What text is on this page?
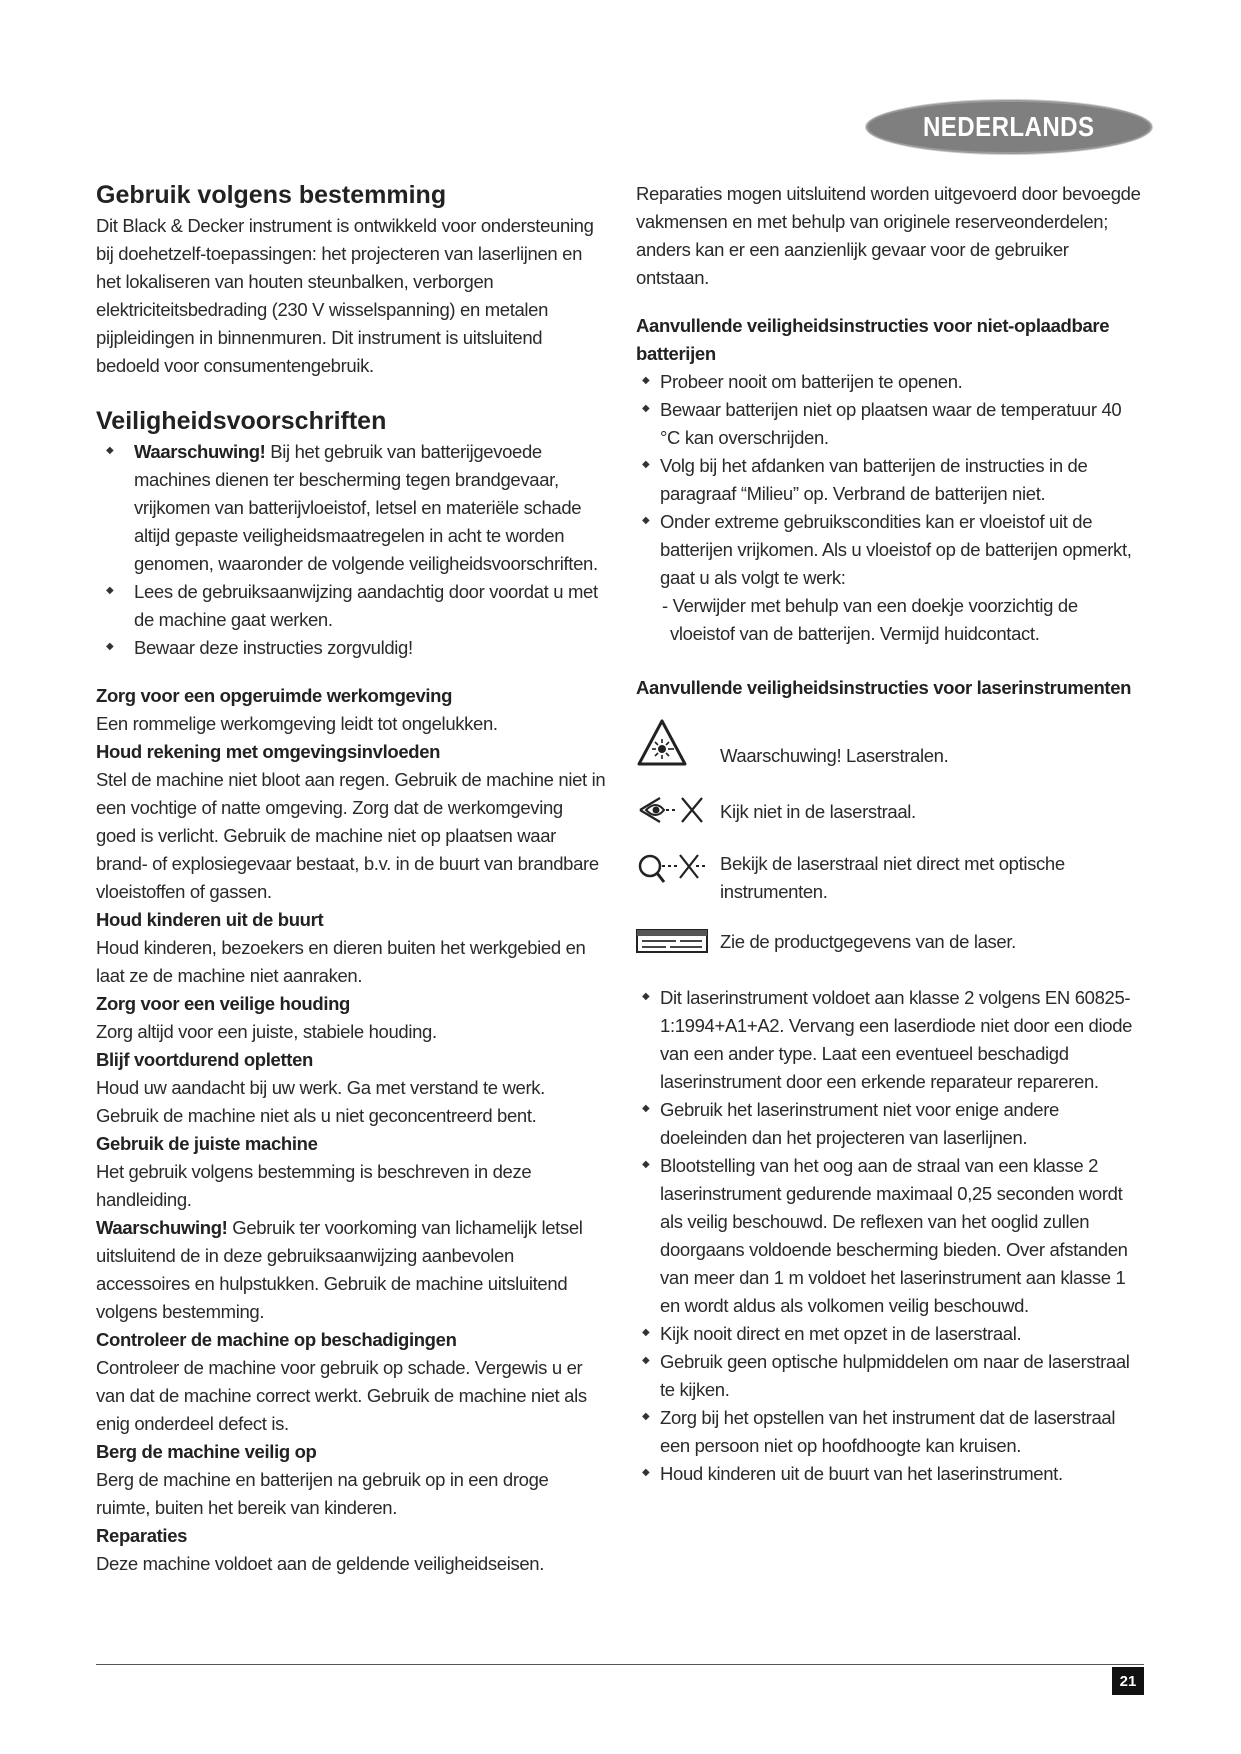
NEDERLANDS
Gebruik volgens bestemming

Dit Black & Decker instrument is ontwikkeld voor ondersteuning bij doehetzelf-toepassingen: het projecteren van laserlijnen en het lokaliseren van houten steunbalken, verborgen elektriciteitsbedrading (230 V wisselspanning) en metalen pijpleidingen in binnenmuren. Dit instrument is uitsluitend bedoeld voor consumentengebruik.

Veiligheidsvoorschriften
◆ Waarschuwing! Bij het gebruik van batterijgevoede machines dienen ter bescherming tegen brandgevaar, vrijkomen van batterijvloeistof, letsel en materiële schade altijd gepaste veiligheidsmaatregelen in acht te worden genomen, waaronder de volgende veiligheidsvoorschriften.
◆ Lees de gebruiksaanwijzing aandachtig door voordat u met de machine gaat werken.
◆ Bewaar deze instructies zorgvuldig!
Zorg voor een opgeruimde werkomgeving

Een rommelige werkomgeving leidt tot ongelukken.

Houd rekening met omgevingsinvloeden

Stel de machine niet bloot aan regen. Gebruik de machine niet in een vochtige of natte omgeving. Zorg dat de werkomgeving goed is verlicht. Gebruik de machine niet op plaatsen waar brand- of explosiegevaar bestaat, b.v. in de buurt van brandbare vloeistoffen of gassen.

Houd kinderen uit de buurt

Houd kinderen, bezoekers en dieren buiten het werkgebied en laat ze de machine niet aanraken.

Zorg voor een veilige houding

Zorg altijd voor een juiste, stabiele houding.

Blijf voortdurend opletten

Houd uw aandacht bij uw werk. Ga met verstand te werk. Gebruik de machine niet als u niet geconcentreerd bent.

Gebruik de juiste machine

Het gebruik volgens bestemming is beschreven in deze handleiding.

Waarschuwing! Gebruik ter voorkoming van lichamelijk letsel uitsluitend de in deze gebruiksaanwijzing aanbevolen accessoires en hulpstukken. Gebruik de machine uitsluitend volgens bestemming.

Controleer de machine op beschadigingen

Controleer de machine voor gebruik op schade. Vergewis u er van dat de machine correct werkt. Gebruik de machine niet als enig onderdeel defect is.

Berg de machine veilig op

Berg de machine en batterijen na gebruik op in een droge ruimte, buiten het bereik van kinderen.

Reparaties

Deze machine voldoet aan de geldende veiligheidseisen.

Reparaties mogen uitsluitend worden uitgevoerd door bevoegde vakmensen en met behulp van originele reserveonderdelen; anders kan er een aanzienlijk gevaar voor de gebruiker ontstaan.

Aanvullende veiligheidsinstructies voor niet-oplaadbare batterijen
◆ Probeer nooit om batterijen te openen.
◆ Bewaar batterijen niet op plaatsen waar de temperatuur 40 °C kan overschrijden.
◆ Volg bij het afdanken van batterijen de instructies in de paragraaf “Milieu” op. Verbrand de batterijen niet.
◆ Onder extreme gebruikscondities kan er vloeistof uit de batterijen vrijkomen. Als u vloeistof op de batterijen opmerkt, gaat u als volgt te werk:

- Verwijder met behulp van een doekje voorzichtig de vloeistof van de batterijen. Vermijd huidcontact.

Aanvullende veiligheidsinstructies voor laserinstrumenten
Waarschuwing! Laserstralen.
Kijk niet in de laserstraal.
Bekijk de laserstraal niet direct met optische instrumenten.
Zie de productgegevens van de laser.
◆ Dit laserinstrument voldoet aan klasse 2 volgens EN 60825-1:1994+A1+A2. Vervang een laserdiode niet door een diode van een ander type. Laat een eventueel beschadigd laserinstrument door een erkende reparateur repareren.
◆ Gebruik het laserinstrument niet voor enige andere doeleinden dan het projecteren van laserlijnen.
◆ Blootstelling van het oog aan de straal van een klasse 2 laserinstrument gedurende maximaal 0,25 seconden wordt als veilig beschouwd. De reflexen van het ooglid zullen doorgaans voldoende bescherming bieden. Over afstanden van meer dan 1 m voldoet het laserinstrument aan klasse 1 en wordt aldus als volkomen veilig beschouwd.
◆ Kijk nooit direct en met opzet in de laserstraal.
◆ Gebruik geen optische hulpmiddelen om naar de laserstraal te kijken.
◆ Zorg bij het opstellen van het instrument dat de laserstraal een persoon niet op hoofdhoogte kan kruisen.
◆ Houd kinderen uit de buurt van het laserinstrument.
21
